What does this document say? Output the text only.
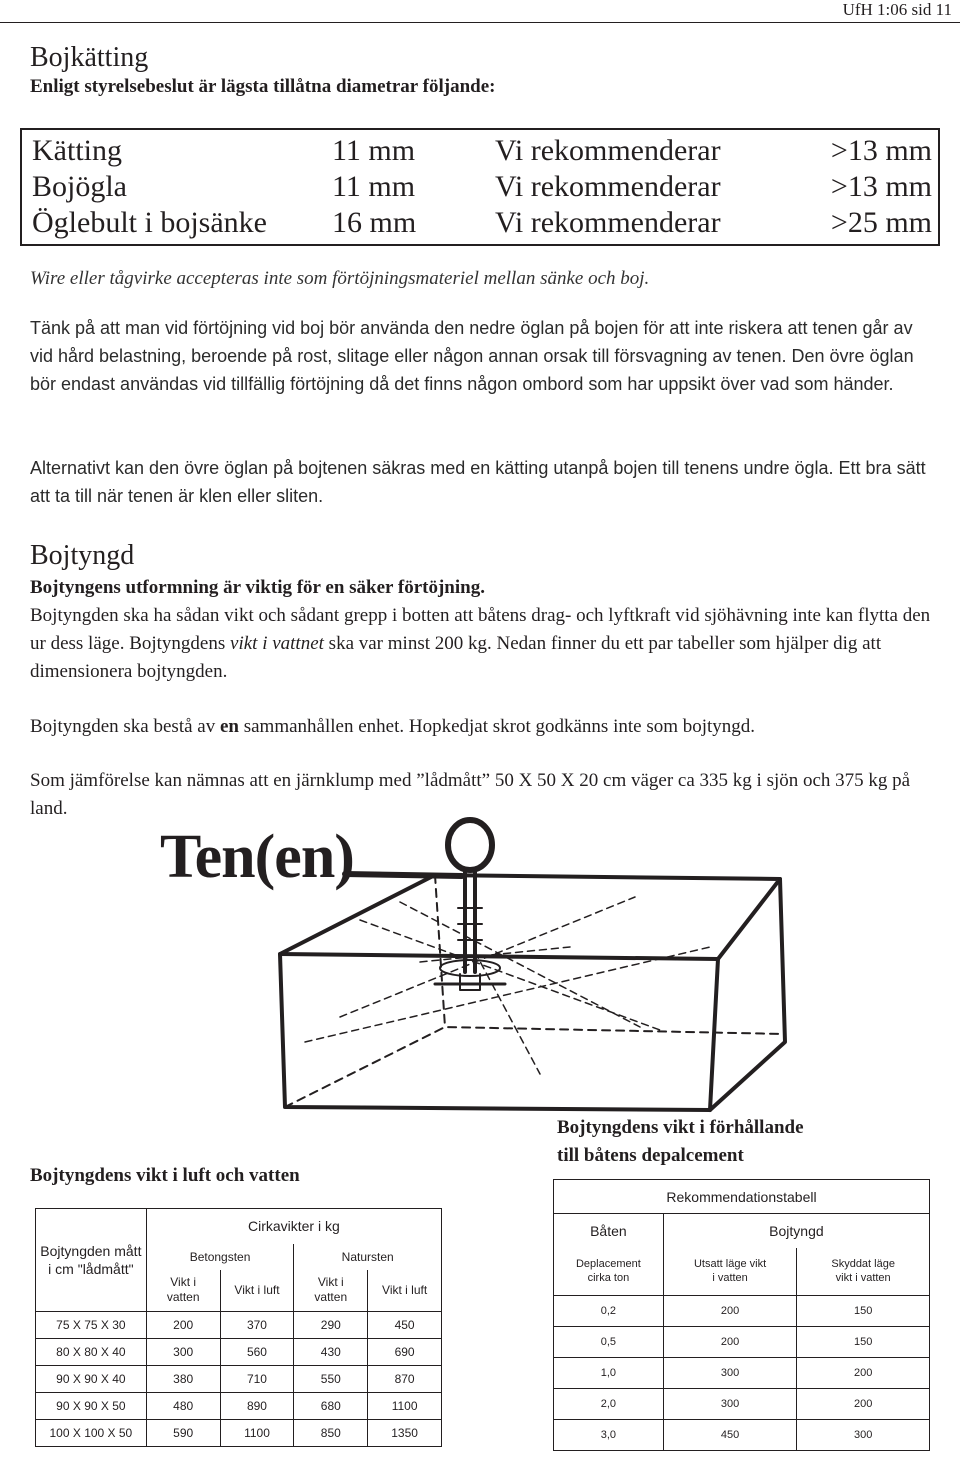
UfH 1:06 sid 11
Bojkätting
Enligt styrelsebeslut är lägsta tillåtna diametrar följande:
Kätting	11 mm	Vi rekommenderar	>13 mm
Bojögla	11 mm	Vi rekommenderar	>13 mm
Öglebult i bojsänke 16 mm	Vi rekommenderar	>25 mm
Wire eller tågvirke accepteras inte som förtöjningsmateriel mellan sänke och boj.
Tänk på att man vid förtöjning vid boj bör använda den nedre öglan på bojen för att inte riskera att tenen går av vid hård belastning, beroende på rost, slitage eller någon annan orsak till försvagning av tenen. Den övre öglan bör endast användas vid tillfällig förtöjning då det finns någon ombord som har uppsikt över vad som händer.
Alternativt kan den övre öglan på bojtenen säkras med en kätting utanpå bojen till tenens undre ögla. Ett bra sätt att ta till när tenen är klen eller sliten.
Bojtyngd
Bojtyngens utformning är viktig för en säker förtöjning.
Bojtyngden ska ha sådan vikt och sådant grepp i botten att båtens drag- och lyftkraft vid sjöhävning inte kan flytta den ur dess läge. Bojtyngdens vikt i vattnet ska var minst 200 kg. Nedan finner du ett par tabeller som hjälper dig att dimensionera bojtyngden.
Bojtyngden ska bestå av en sammanhållen enhet. Hopkedjat skrot godkänns inte som bojtyngd.
Som jämförelse kan nämnas att en järnklump med ”lådmått” 50 X 50 X 20 cm väger ca 335 kg i sjön och 375 kg på land.
Ten(en)
Bojtyngdens vikt i luft och vatten
Bojtyngden mått i cm "lådmått"	Cirkavikter i kg			
	Betongsten		Natursten	
	Vikt i vatten	Vikt i luft	Vikt i vatten	Vikt i luft
75 X 75 X 30	200	370	290	450
80 X 80 X 40	300	560	430	690
90 X 90 X 40	380	710	550	870
90 X 90 X 50	480	890	680	1100
100 X 100 X 50	590	1100	850	1350
Bojtyngdens vikt i förhållande
till båtens depalcement
Rekommendationstabell		
Båten	Bojtyngd	
Deplacement cirka ton	Utsatt läge vikt i vatten	Skyddat läge vikt i vatten
0,2	200	150
0,5	200	150
1,0	300	200
2,0	300	200
3,0	450	300
